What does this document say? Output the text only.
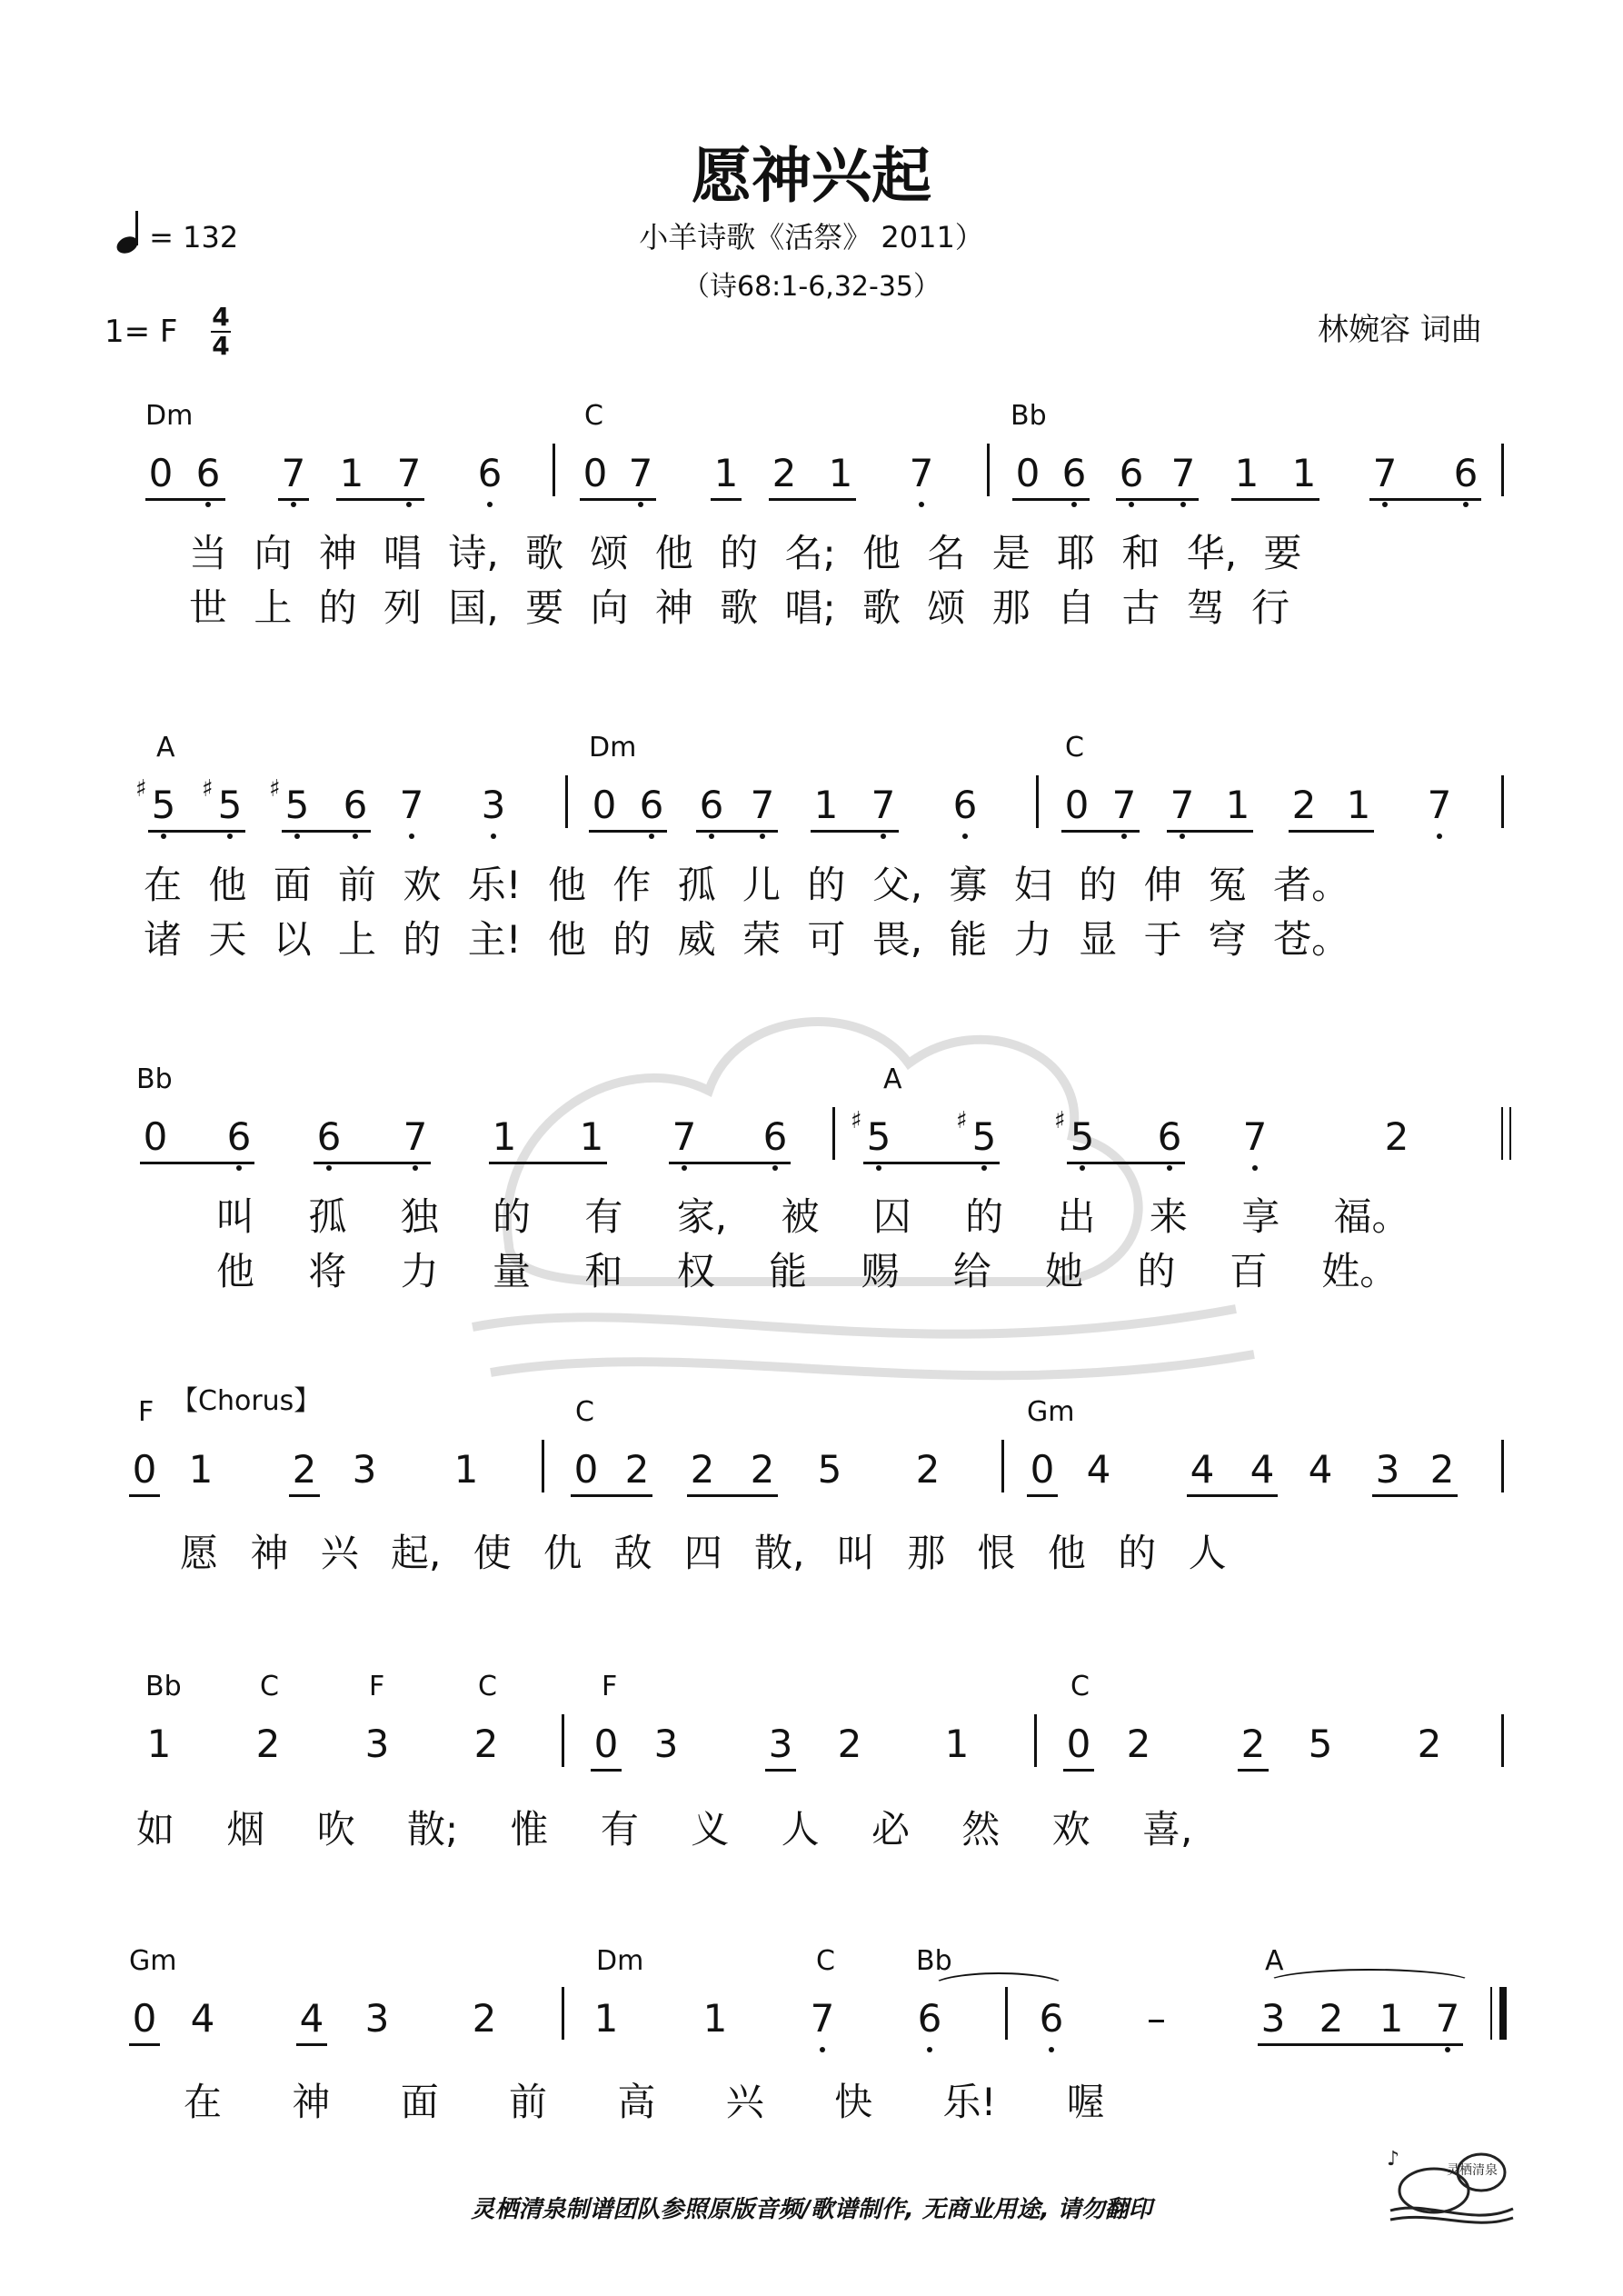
愿神兴起
小羊诗歌《活祭》 2011）
（诗68:1-6,32-35）
= 132
1= F 4
4	林婉容 词曲
Dm	C	Bb
0 6 7 1 7 6 0 7 1 2 1 7 0 6 6 7 1 1 7 6
当 向 神 唱 诗, 歌 颂 他 的 名; 他 名 是 耶 和 华, 要
世 上 的 列 国, 要 向 神 歌 唱; 歌 颂 那 自 古 驾 行
A	Dm	C
♯ 5 ♯ 5 ♯ 5 6 7 3 0 6 6 7 1 7 6 0 7 7 1 2 1 7
在 他 面 前 欢 乐! 他 作 孤 儿 的 父, 寡 妇 的 伸 冤 者。
诸 天 以 上 的 主! 他 的 威 荣 可 畏, 能 力 显 于 穹 苍。
Bb	A
0 6 6 7 1 1 7 6	♯ 5	♯ 5 ♯ 5 6 7	2
叫 孤 独 的 有 家, 被 囚 的 出 来 享 福。
他 将 力 量 和 权 能 赐 给 她 的 百 姓。
F 【Chorus】	C	Gm
0 1 2 3 1	0 2 2 2 5 2 0 4 4 4 4 3 2
愿 神 兴 起, 使 仇 敌 四 散, 叫 那 恨 他 的 人
Bb	C	F	C	F	C
1 2 3 2	0 3 3 2 1	0 2 2 5 2
如 烟 吹 散; 惟 有 义 人 必 然 欢 喜,
Gm	Dm	C	Bb	A
0 4 4 3 2	1 1 7 6	6 – 3 2 1 7
在 神 面 前 高 兴 快 乐! 喔
灵栖清泉制谱团队参照原版音频/歌谱制作, 无商业用途, 请勿翻印
灵栖清泉
♪
